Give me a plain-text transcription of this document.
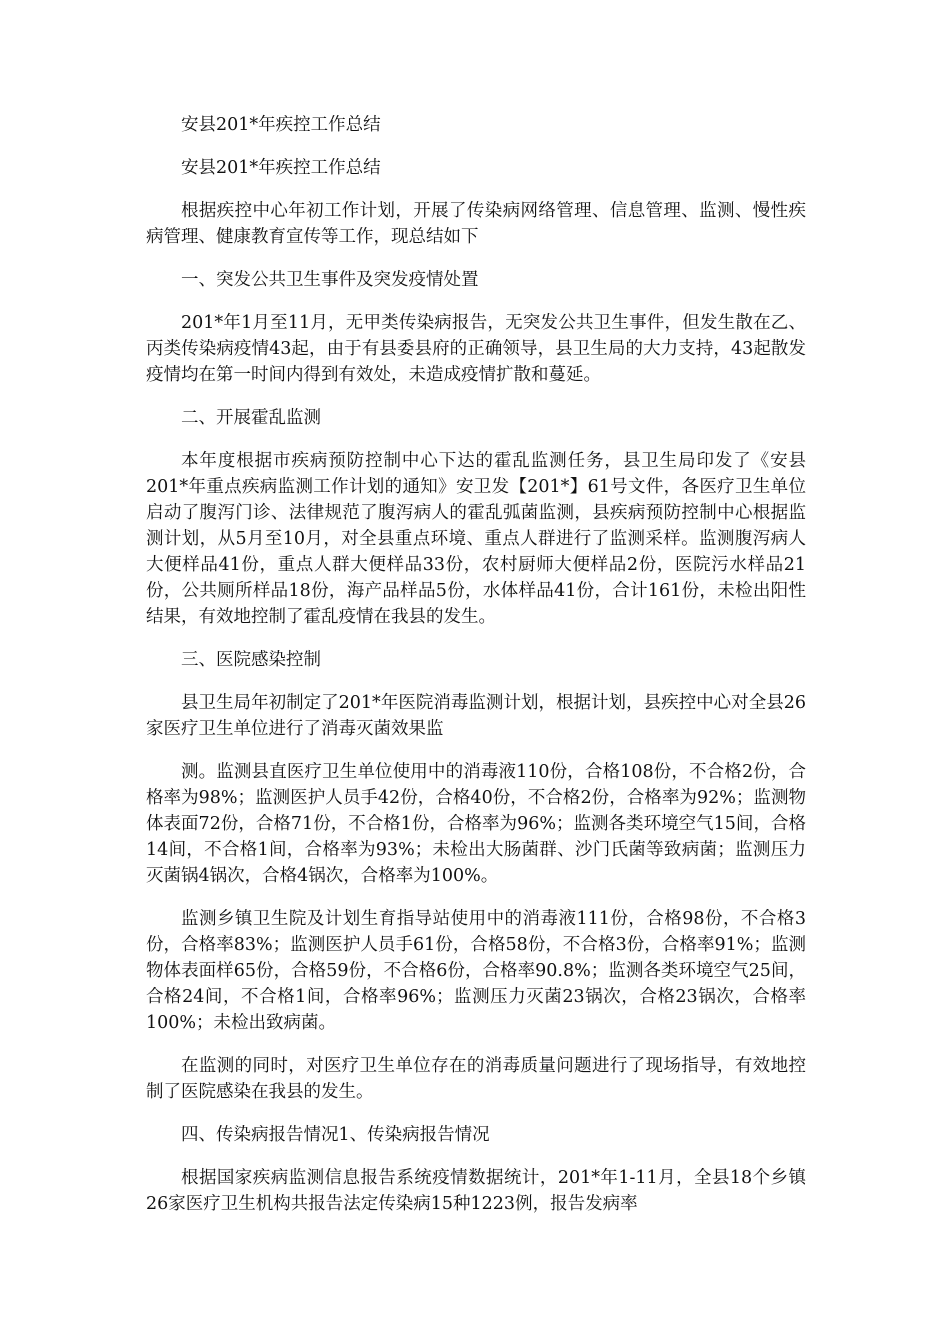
安县201*年疾控工作总结

安县201*年疾控工作总结

根据疾控中心年初工作计划，开展了传染病网络管理、信息管理、监测、慢性疾病管理、健康教育宣传等工作，现总结如下

一、突发公共卫生事件及突发疫情处置

201*年1月至11月，无甲类传染病报告，无突发公共卫生事件，但发生散在乙、丙类传染病疫情43起，由于有县委县府的正确领导，县卫生局的大力支持，43起散发疫情均在第一时间内得到有效处，未造成疫情扩散和蔓延。

二、开展霍乱监测

本年度根据市疾病预防控制中心下达的霍乱监测任务，县卫生局印发了《安县201*年重点疾病监测工作计划的通知》安卫发【201*】61号文件，各医疗卫生单位启动了腹泻门诊、法律规范了腹泻病人的霍乱弧菌监测，县疾病预防控制中心根据监测计划，从5月至10月，对全县重点环境、重点人群进行了监测采样。监测腹泻病人大便样品41份，重点人群大便样品33份，农村厨师大便样品2份，医院污水样品21份，公共厕所样品18份，海产品样品5份，水体样品41份，合计161份，未检出阳性结果，有效地控制了霍乱疫情在我县的发生。

三、医院感染控制

县卫生局年初制定了201*年医院消毒监测计划，根据计划，县疾控中心对全县26家医疗卫生单位进行了消毒灭菌效果监

测。监测县直医疗卫生单位使用中的消毒液110份，合格108份，不合格2份，合格率为98%；监测医护人员手42份，合格40份，不合格2份，合格率为92%；监测物体表面72份，合格71份，不合格1份，合格率为96%；监测各类环境空气15间，合格14间，不合格1间，合格率为93%；未检出大肠菌群、沙门氏菌等致病菌；监测压力灭菌锅4锅次，合格4锅次，合格率为100%。

监测乡镇卫生院及计划生育指导站使用中的消毒液111份，合格98份，不合格3份，合格率83%；监测医护人员手61份，合格58份，不合格3份，合格率91%；监测物体表面样65份，合格59份，不合格6份，合格率90.8%；监测各类环境空气25间，合格24间，不合格1间，合格率96%；监测压力灭菌23锅次，合格23锅次，合格率100%；未检出致病菌。

在监测的同时，对医疗卫生单位存在的消毒质量问题进行了现场指导，有效地控制了医院感染在我县的发生。

四、传染病报告情况1、传染病报告情况

根据国家疾病监测信息报告系统疫情数据统计，201*年1-11月，全县18个乡镇26家医疗卫生机构共报告法定传染病15种1223例，报告发病率
